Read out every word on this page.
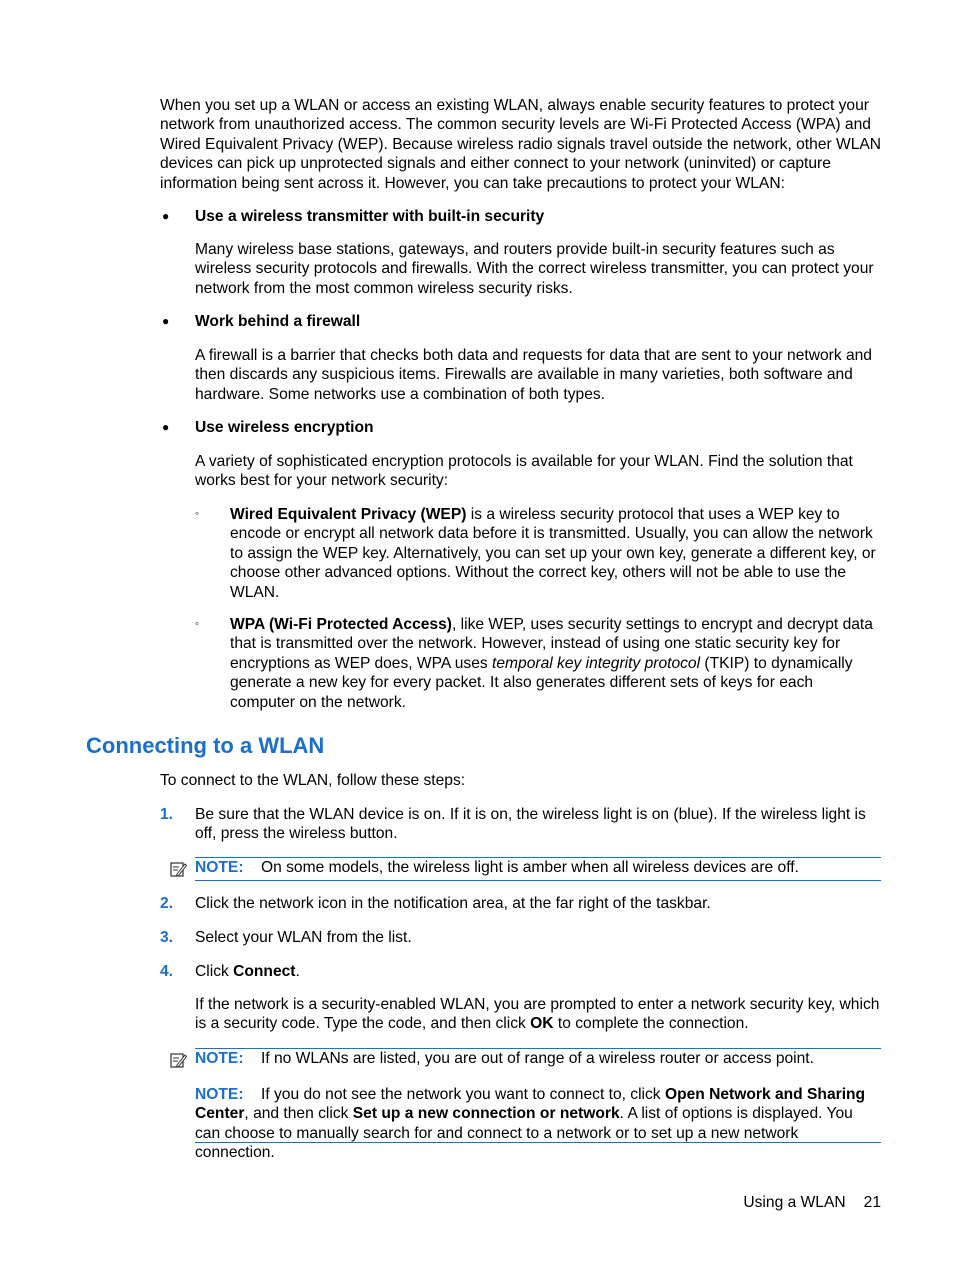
When you set up a WLAN or access an existing WLAN, always enable security features to protect your network from unauthorized access. The common security levels are Wi-Fi Protected Access (WPA) and Wired Equivalent Privacy (WEP). Because wireless radio signals travel outside the network, other WLAN devices can pick up unprotected signals and either connect to your network (uninvited) or capture information being sent across it. However, you can take precautions to protect your WLAN:

● Use a wireless transmitter with built-in security

Many wireless base stations, gateways, and routers provide built-in security features such as wireless security protocols and firewalls. With the correct wireless transmitter, you can protect your network from the most common wireless security risks.

● Work behind a firewall

A firewall is a barrier that checks both data and requests for data that are sent to your network and then discards any suspicious items. Firewalls are available in many varieties, both software and hardware. Some networks use a combination of both types.

● Use wireless encryption

A variety of sophisticated encryption protocols is available for your WLAN. Find the solution that works best for your network security:

◦ Wired Equivalent Privacy (WEP) is a wireless security protocol that uses a WEP key to encode or encrypt all network data before it is transmitted. Usually, you can allow the network to assign the WEP key. Alternatively, you can set up your own key, generate a different key, or choose other advanced options. Without the correct key, others will not be able to use the WLAN.

◦ WPA (Wi-Fi Protected Access), like WEP, uses security settings to encrypt and decrypt data that is transmitted over the network. However, instead of using one static security key for encryptions as WEP does, WPA uses temporal key integrity protocol (TKIP) to dynamically generate a new key for every packet. It also generates different sets of keys for each computer on the network.

Connecting to a WLAN

To connect to the WLAN, follow these steps:

1. Be sure that the WLAN device is on. If it is on, the wireless light is on (blue). If the wireless light is off, press the wireless button.

NOTE: On some models, the wireless light is amber when all wireless devices are off.

2. Click the network icon in the notification area, at the far right of the taskbar.

3. Select your WLAN from the list.

4. Click Connect.

If the network is a security-enabled WLAN, you are prompted to enter a network security key, which is a security code. Type the code, and then click OK to complete the connection.

NOTE: If no WLANs are listed, you are out of range of a wireless router or access point.

NOTE: If you do not see the network you want to connect to, click Open Network and Sharing Center, and then click Set up a new connection or network. A list of options is displayed. You can choose to manually search for and connect to a network or to set up a new network connection.

Using a WLAN 21
